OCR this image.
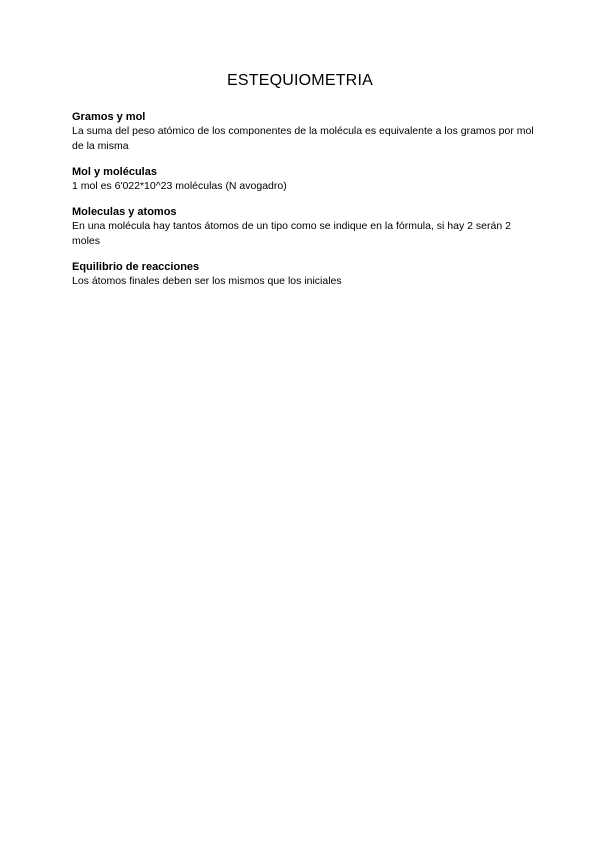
ESTEQUIOMETRIA

Gramos y mol

La suma del peso atómico de los componentes de la molécula es equivalente a los gramos por mol de la misma

Mol y moléculas

1 mol es 6'022*10^23 moléculas (N avogadro)

Moleculas y atomos

En una molécula hay tantos átomos de un tipo como se indique en la fórmula, si hay 2 serán 2 moles

Equilibrio de reacciones

Los átomos finales deben ser los mismos que los iniciales
